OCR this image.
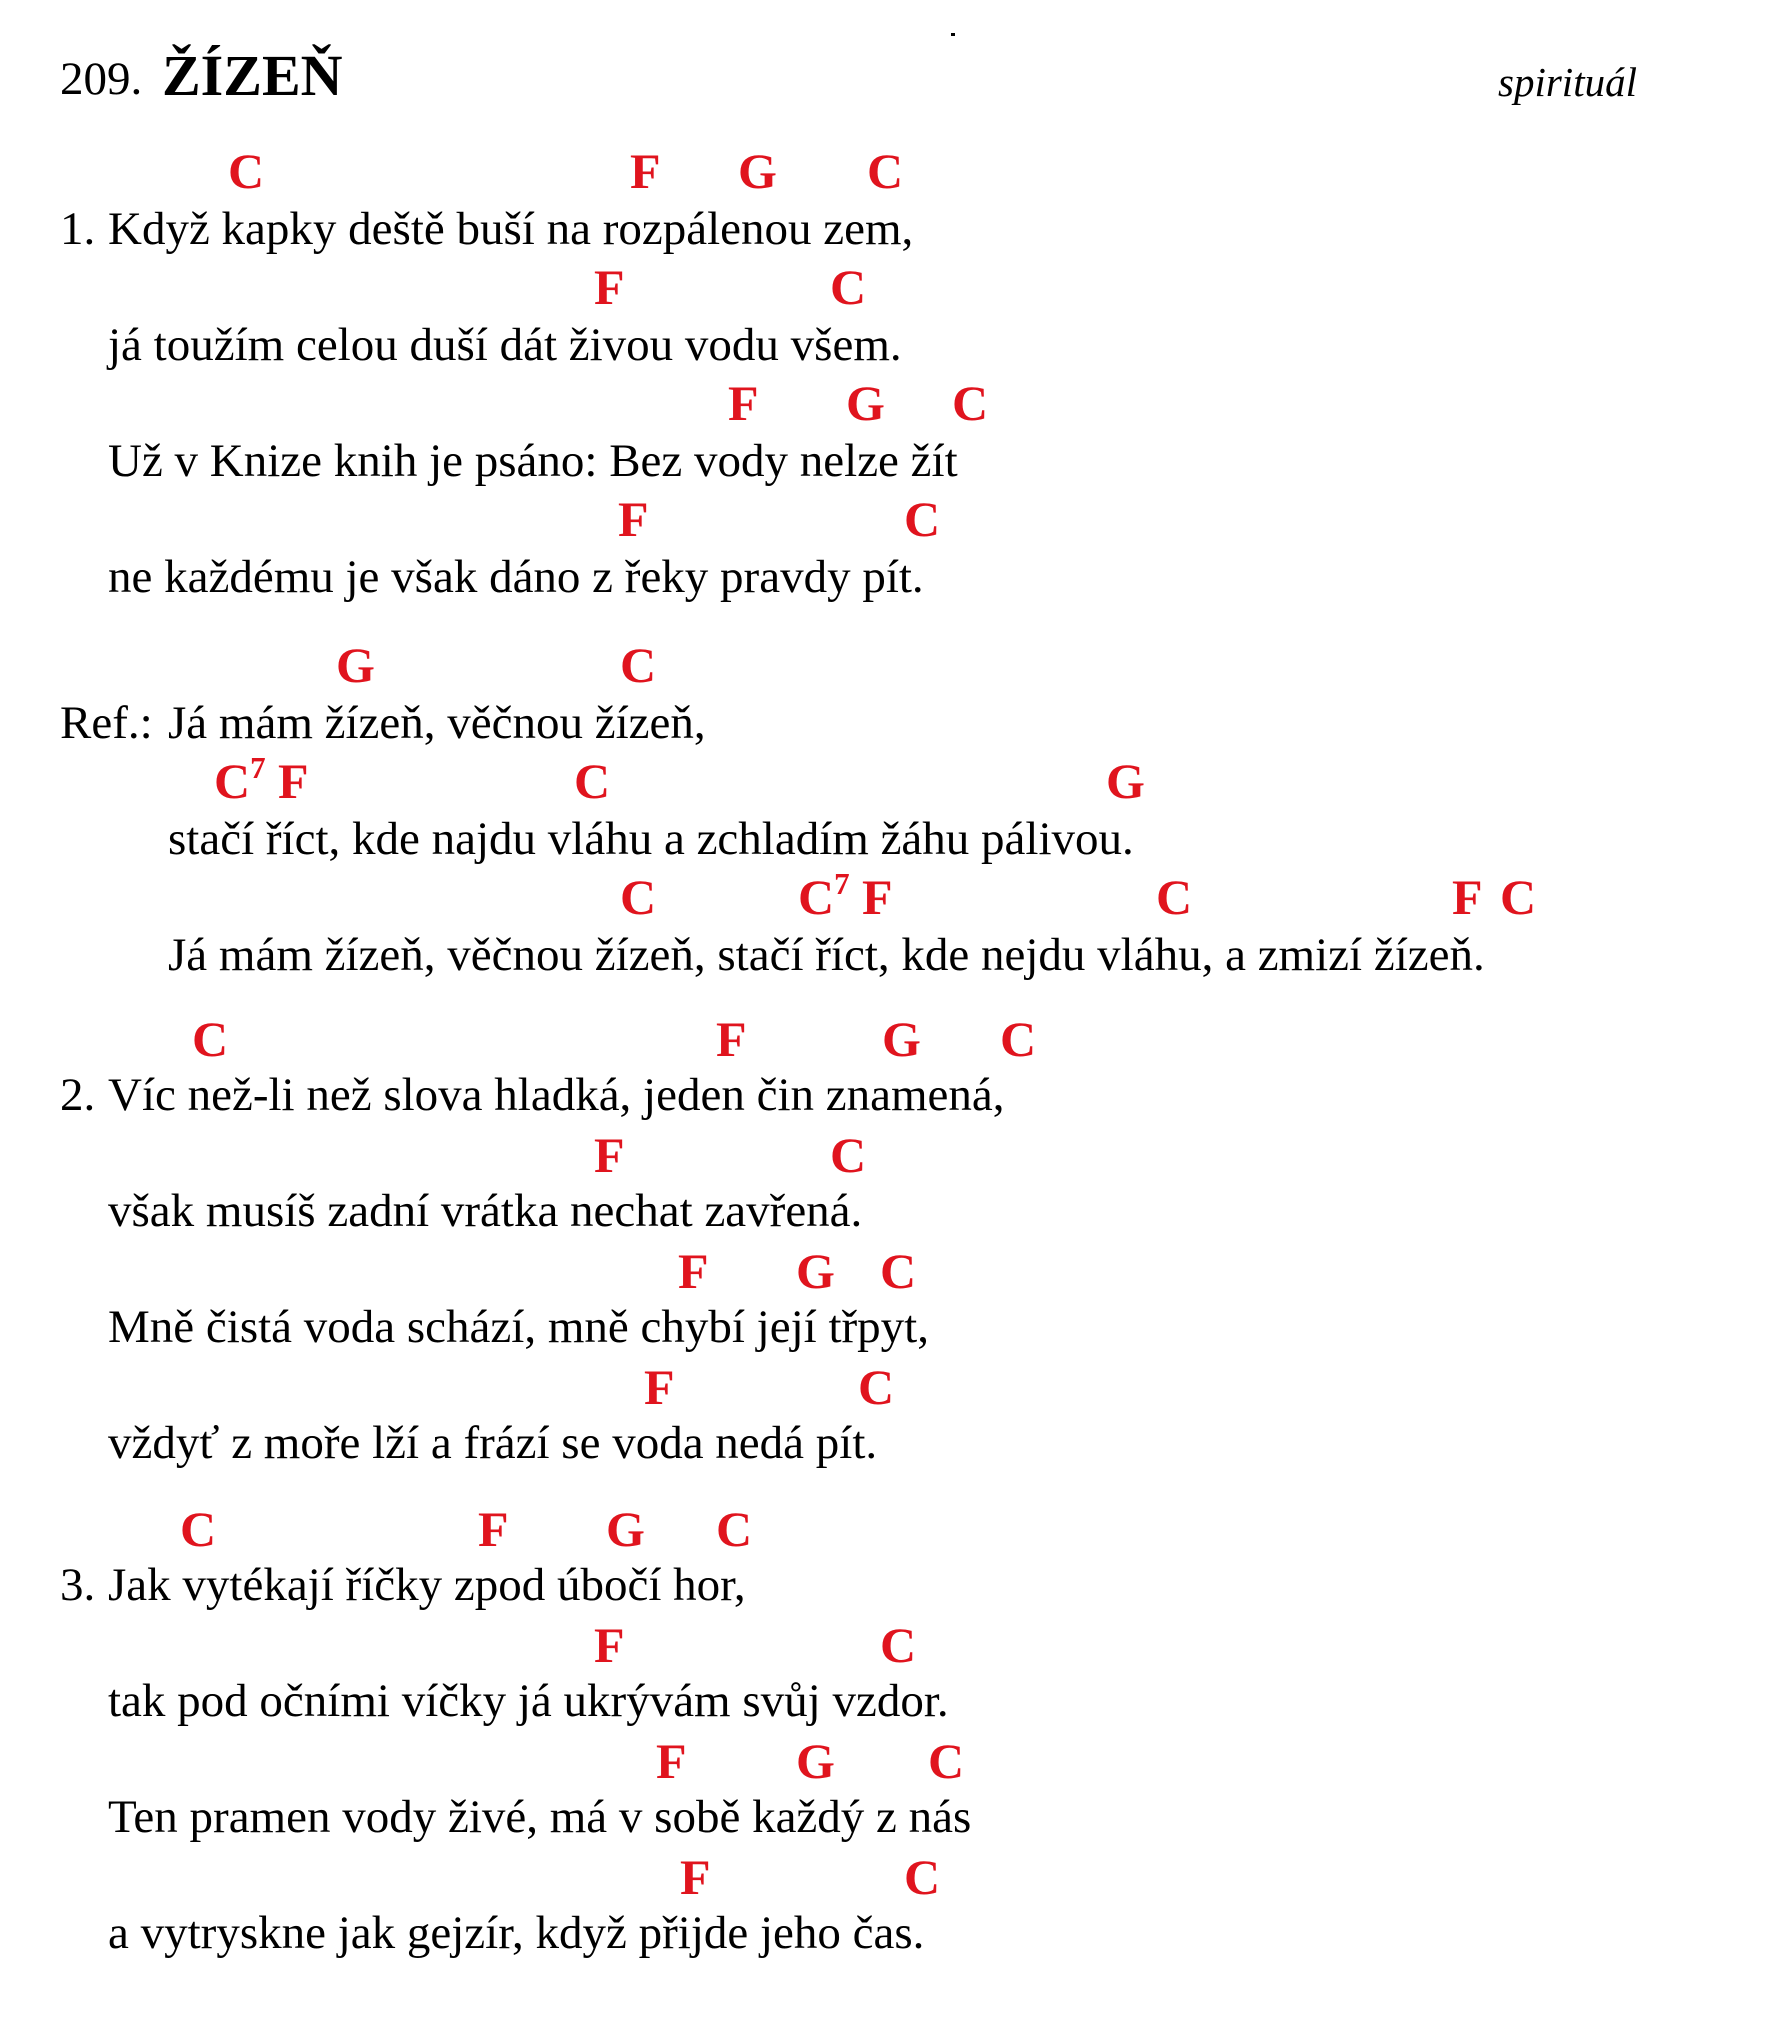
209. ŽÍZEŇ	spirituál
C	F G C
1. Když kapky deště buší na rozpálenou zem,
F	C
já toužím celou duší dát živou vodu všem.
F G C
Už v Knize knih je psáno: Bez vody nelze žít
F	C
ne každému je však dáno z řeky pravdy pít.
G	C
Ref.: Já mám žízeň, věčnou žízeň,
$C^7$ F	C	G
stačí říct, kde najdu vláhu a zchladím žáhu pálivou.
C	$C^7$ F	C	F C
Já mám žízeň, věčnou žízeň, stačí říct, kde nejdu vláhu, a zmizí žízeň.
C	F	G C
2. Víc než-li než slova hladká, jeden čin znamená,
F	C
však musíš zadní vrátka nechat zavřená.
F G C
Mně čistá voda schází, mně chybí její třpyt,
F	C
vždyť z moře lží a frází se voda nedá pít.
C	F G C
3. Jak vytékají říčky zpod úbočí hor,
F	C
tak pod očními víčky já ukrývám svůj vzdor.
F G C
Ten pramen vody živé, má v sobě každý z nás
F	C
a vytryskne jak gejzír, když přijde jeho čas.
